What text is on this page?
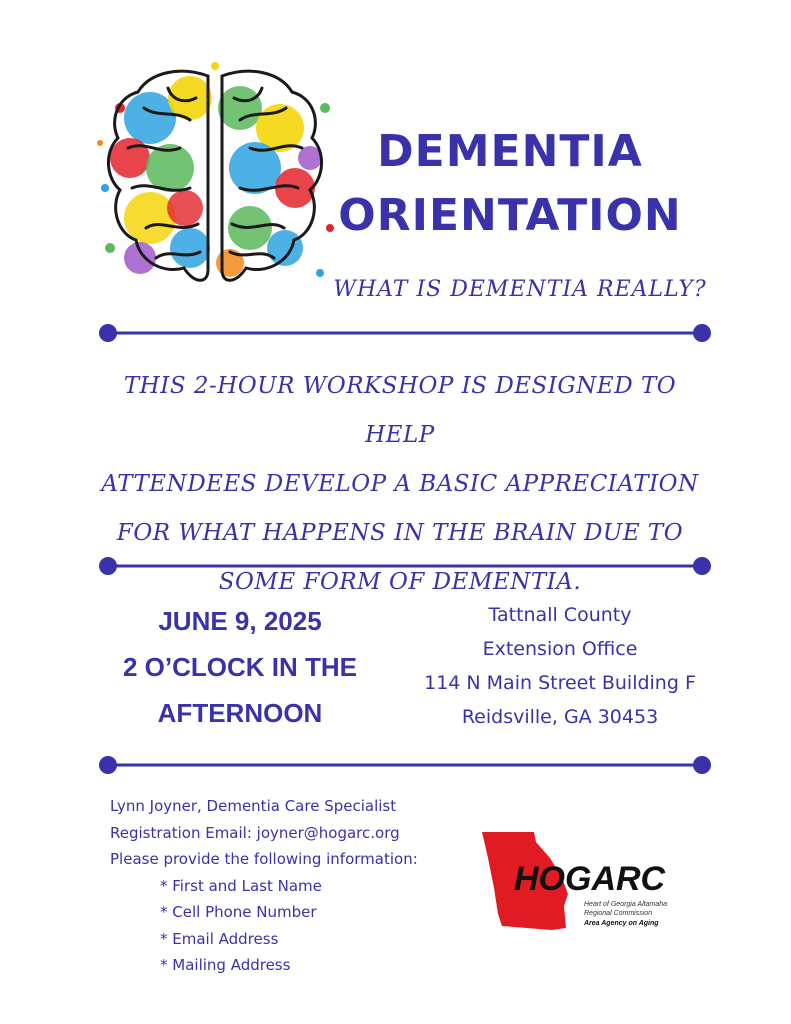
DEMENTIA
ORIENTATION
WHAT IS DEMENTIA REALLY?
THIS 2-HOUR WORKSHOP IS DESIGNED TO HELP
ATTENDEES DEVELOP A BASIC APPRECIATION
FOR WHAT HAPPENS IN THE BRAIN DUE TO
SOME FORM OF DEMENTIA.
JUNE 9, 2025
2 O’CLOCK IN THE
AFTERNOON
Tattnall County
Extension Office
114 N Main Street Building F
Reidsville, GA 30453
Lynn Joyner, Dementia Care Specialist
Registration Email: joyner@hogarc.org
Please provide the following information:
* First and Last Name
* Cell Phone Number
* Email Address
* Mailing Address
HOGARC
Heart of Georgia Altamaha
Regional Commission
Area Agency on Aging
